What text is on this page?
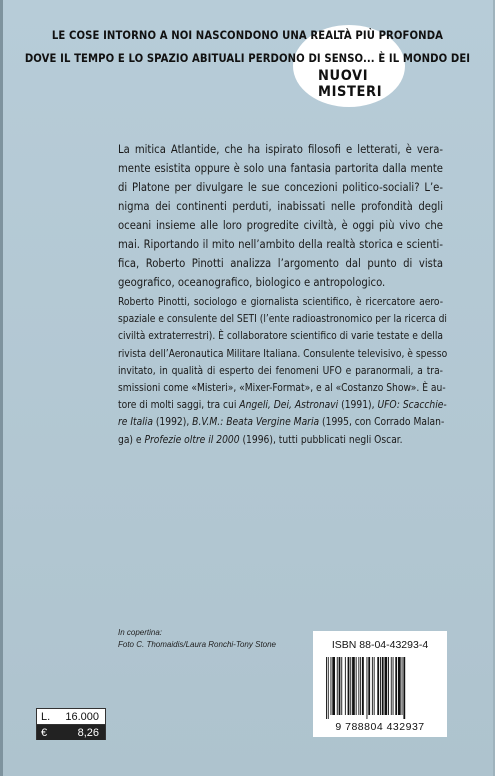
LE COSE INTORNO A NOI NASCONDONO UNA REALTÀ PIÙ PROFONDA
DOVE IL TEMPO E LO SPAZIO ABITUALI PERDONO DI SENSO... È IL MONDO DEI
NUOVI
MISTERI
La mitica Atlantide, che ha ispirato filosofi e letterati, è vera-
mente esistita oppure è solo una fantasia partorita dalla mente
di Platone per divulgare le sue concezioni politico-sociali? L’e-
nigma dei continenti perduti, inabissati nelle profondità degli
oceani insieme alle loro progredite civiltà, è oggi più vivo che
mai. Riportando il mito nell’ambito della realtà storica e scienti-
fica, Roberto Pinotti analizza l’argomento dal punto di vista
geografico, oceanografico, biologico e antropologico.
Roberto Pinotti, sociologo e giornalista scientifico, è ricercatore aero-
spaziale e consulente del SETI (l’ente radioastronomico per la ricerca di
civiltà extraterrestri). È collaboratore scientifico di varie testate e della
rivista dell’Aeronautica Militare Italiana. Consulente televisivo, è spesso
invitato, in qualità di esperto dei fenomeni UFO e paranormali, a tra-
smissioni come «Misteri», «Mixer-Format», e al «Costanzo Show». È au-
tore di molti saggi, tra cui Angeli, Dei, Astronavi (1991), UFO: Scacchie-
re Italia (1992), B.V.M.: Beata Vergine Maria (1995, con Corrado Malan-
ga) e Profezie oltre il 2000 (1996), tutti pubblicati negli Oscar.
In copertina:
Foto C. Thomaidis/Laura Ronchi-Tony Stone
L. 16.000
€	8,26
ISBN 88-04-43293-4
9 788804 432937
